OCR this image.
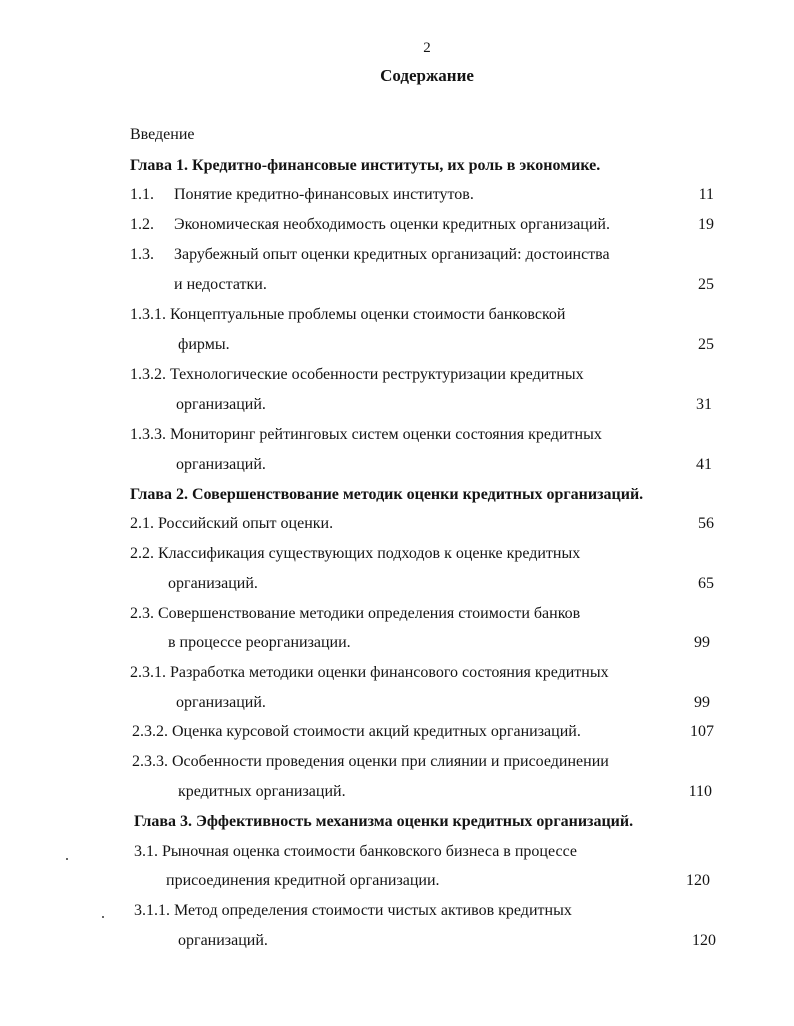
2
Содержание
Введение
Глава 1. Кредитно-финансовые институты, их роль в экономике.
1.1. Понятие кредитно-финансовых институтов.	11
1.2. Экономическая необходимость оценки кредитных организаций.	19
1.3. Зарубежный опыт оценки кредитных организаций: достоинства
и недостатки.	25
1.3.1. Концептуальные проблемы оценки стоимости банковской
фирмы.	25
1.3.2. Технологические особенности реструктуризации кредитных
организаций.	31
1.3.3. Мониторинг рейтинговых систем оценки состояния кредитных
организаций.	41
Глава 2. Совершенствование методик оценки кредитных организаций.
2.1. Российский опыт оценки.	56
2.2. Классификация существующих подходов к оценке кредитных
организаций.	65
2.3. Совершенствование методики определения стоимости банков
в процессе реорганизации.	99
2.3.1. Разработка методики оценки финансового состояния кредитных
организаций.	99
2.3.2. Оценка курсовой стоимости акций кредитных организаций.	107
2.3.3. Особенности проведения оценки при слиянии и присоединении
кредитных организаций.	110
Глава 3. Эффективность механизма оценки кредитных организаций.
3.1. Рыночная оценка стоимости банковского бизнеса в процессе
присоединения кредитной организации.	120
3.1.1. Метод определения стоимости чистых активов кредитных
организаций.	120
